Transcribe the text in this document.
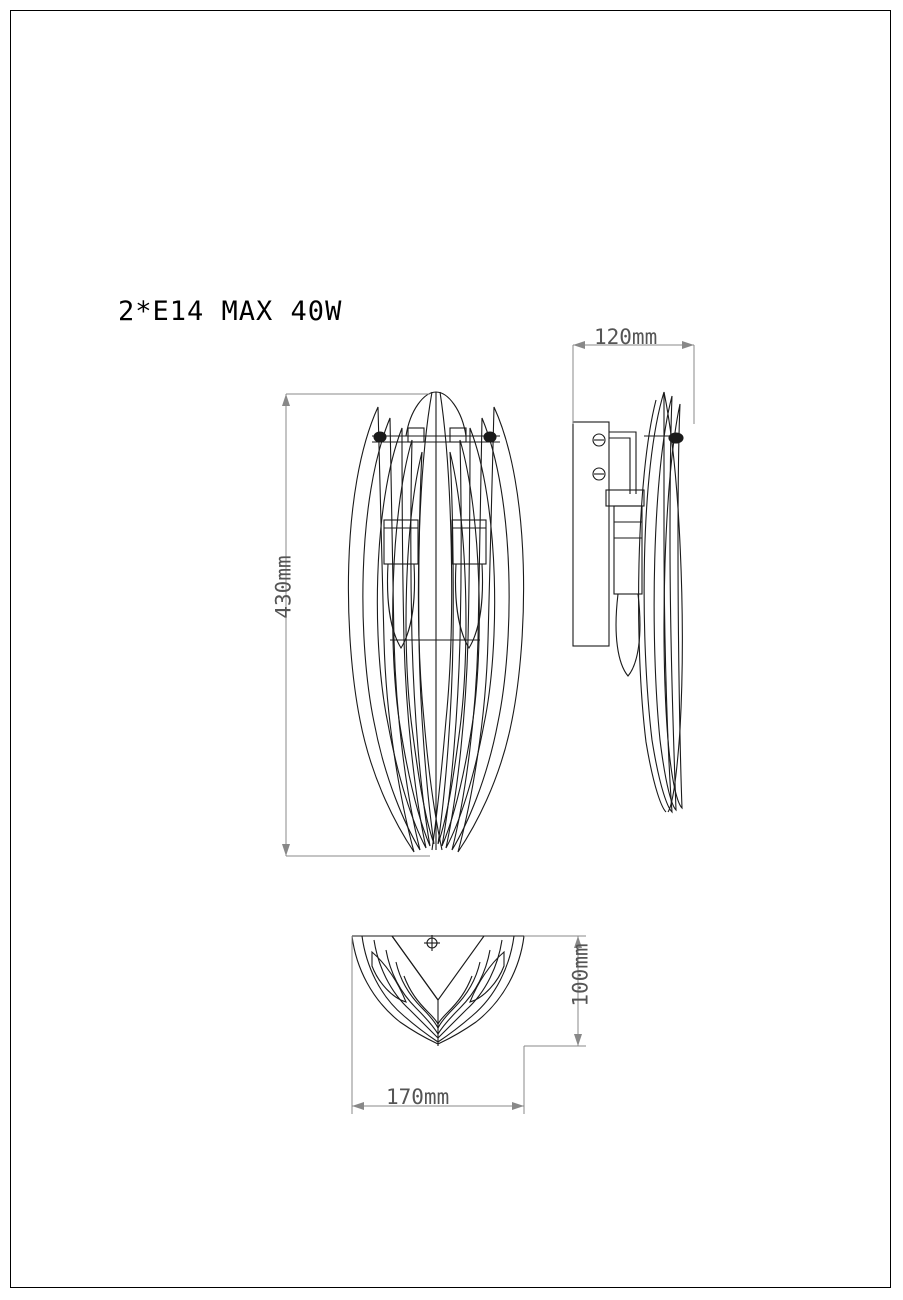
2*E14 MAX 40W
430mm
120mm
100mm
170mm
